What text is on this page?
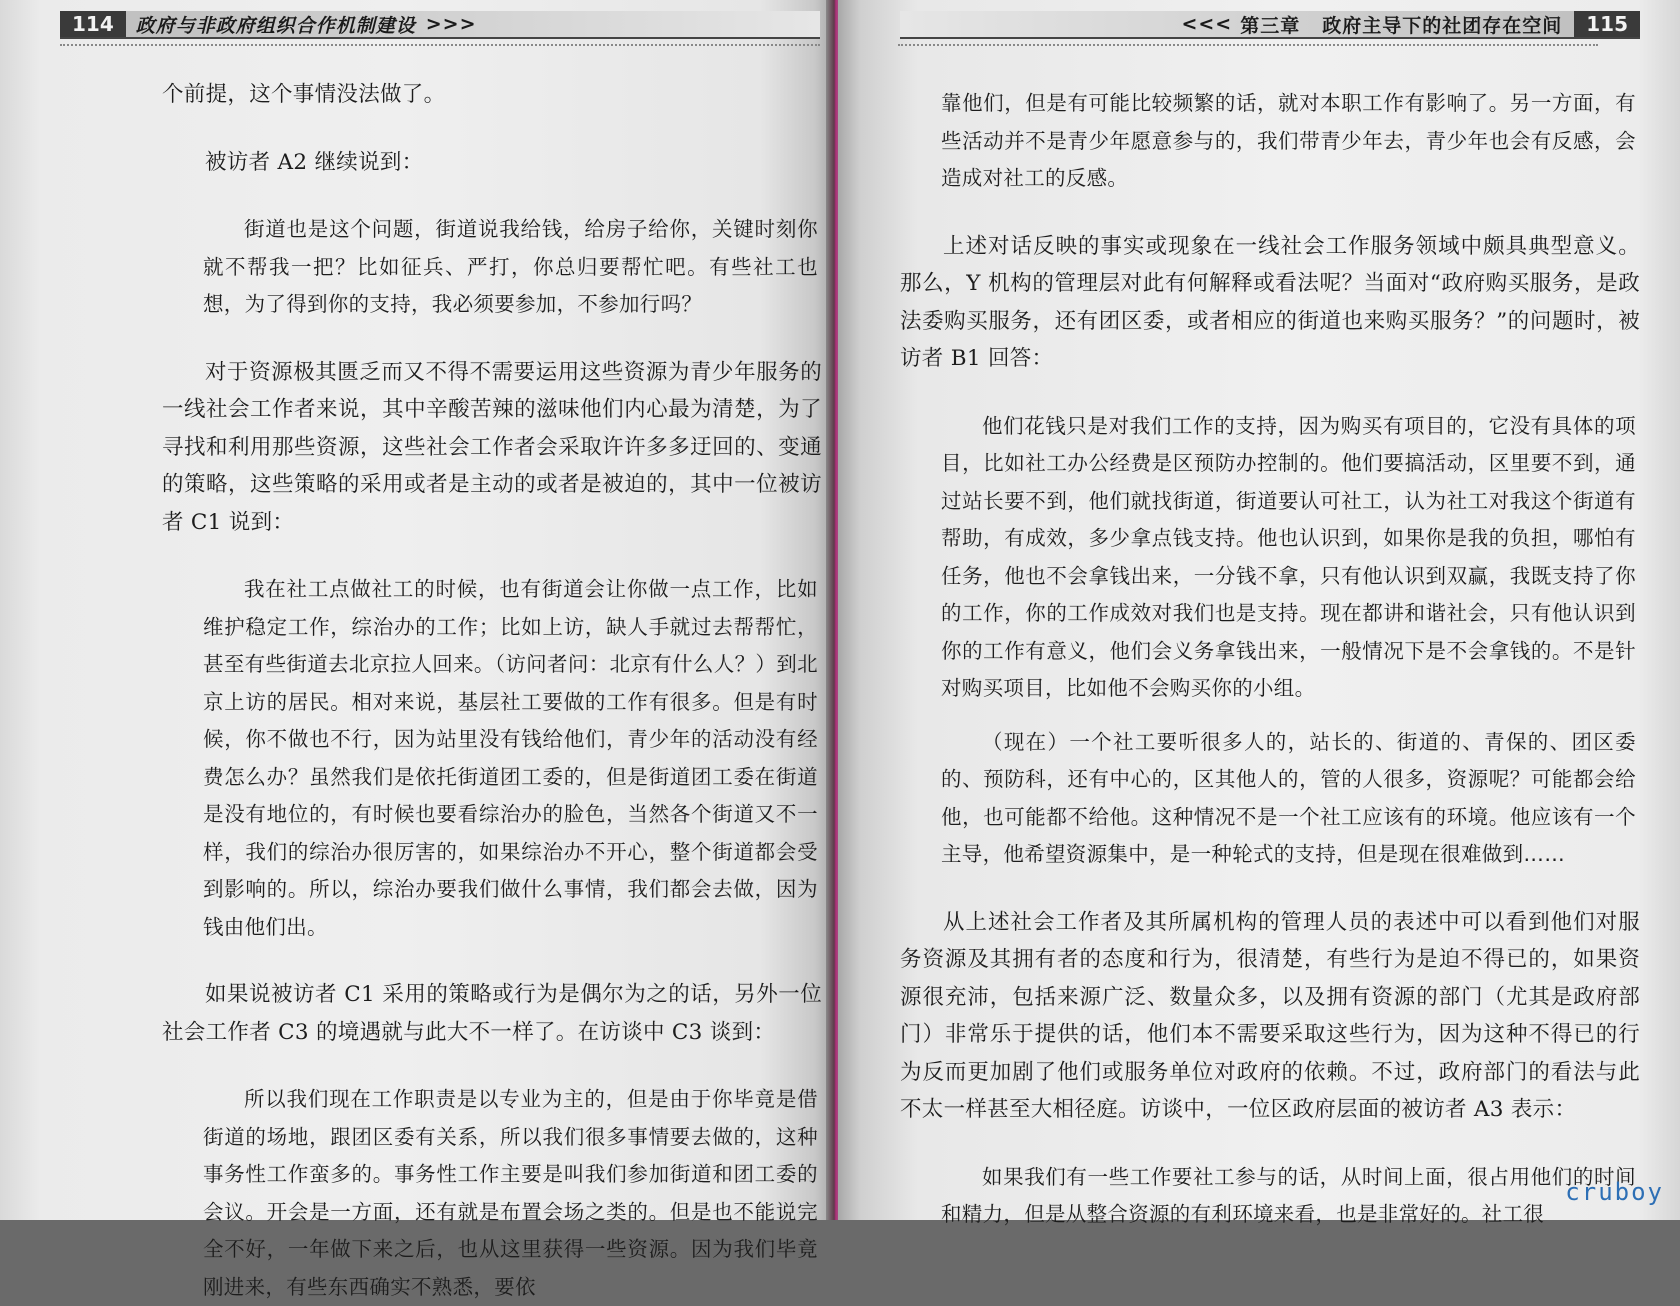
114	政府与非政府组织合作机制建设 >>>

个前提，这个事情没法做了。

被访者 A2 继续说到：

街道也是这个问题，街道说我给钱，给房子给你，关键时刻你就不帮我一把？比如征兵、严打，你总归要帮忙吧。有些社工也想，为了得到你的支持，我必须要参加，不参加行吗？

对于资源极其匮乏而又不得不需要运用这些资源为青少年服务的一线社会工作者来说，其中辛酸苦辣的滋味他们内心最为清楚，为了寻找和利用那些资源，这些社会工作者会采取许许多多迂回的、变通的策略，这些策略的采用或者是主动的或者是被迫的，其中一位被访者 C1 说到：

我在社工点做社工的时候，也有街道会让你做一点工作，比如维护稳定工作，综治办的工作；比如上访，缺人手就过去帮帮忙，甚至有些街道去北京拉人回来。（访问者问：北京有什么人？）到北京上访的居民。相对来说，基层社工要做的工作有很多。但是有时候，你不做也不行，因为站里没有钱给他们，青少年的活动没有经费怎么办？虽然我们是依托街道团工委的，但是街道团工委在街道是没有地位的，有时候也要看综治办的脸色，当然各个街道又不一样，我们的综治办很厉害的，如果综治办不开心，整个街道都会受到影响的。所以，综治办要我们做什么事情，我们都会去做，因为钱由他们出。

如果说被访者 C1 采用的策略或行为是偶尔为之的话，另外一位社会工作者 C3 的境遇就与此大不一样了。在访谈中 C3 谈到：

所以我们现在工作职责是以专业为主的，但是由于你毕竟是借街道的场地，跟团区委有关系，所以我们很多事情要去做的，这种事务性工作蛮多的。事务性工作主要是叫我们参加街道和团工委的会议。开会是一方面，还有就是布置会场之类的。但是也不能说完全不好，一年做下来之后，也从这里获得一些资源。因为我们毕竟刚进来，有些东西确实不熟悉，要依

<<< 第三章	政府主导下的社团存在空间	115

靠他们，但是有可能比较频繁的话，就对本职工作有影响了。另一方面，有些活动并不是青少年愿意参与的，我们带青少年去，青少年也会有反感，会造成对社工的反感。

上述对话反映的事实或现象在一线社会工作服务领域中颇具典型意义。那么，Y 机构的管理层对此有何解释或看法呢？当面对“政府购买服务，是政法委购买服务，还有团区委，或者相应的街道也来购买服务？”的问题时，被访者 B1 回答：

他们花钱只是对我们工作的支持，因为购买有项目的，它没有具体的项目，比如社工办公经费是区预防办控制的。他们要搞活动，区里要不到，通过站长要不到，他们就找街道，街道要认可社工，认为社工对我这个街道有帮助，有成效，多少拿点钱支持。他也认识到，如果你是我的负担，哪怕有任务，他也不会拿钱出来，一分钱不拿，只有他认识到双赢，我既支持了你的工作，你的工作成效对我们也是支持。现在都讲和谐社会，只有他认识到你的工作有意义，他们会义务拿钱出来，一般情况下是不会拿钱的。不是针对购买项目，比如他不会购买你的小组。

（现在）一个社工要听很多人的，站长的、街道的、青保的、团区委的、预防科，还有中心的，区其他人的，管的人很多，资源呢？可能都会给他，也可能都不给他。这种情况不是一个社工应该有的环境。他应该有一个主导，他希望资源集中，是一种轮式的支持，但是现在很难做到……

从上述社会工作者及其所属机构的管理人员的表述中可以看到他们对服务资源及其拥有者的态度和行为，很清楚，有些行为是迫不得已的，如果资源很充沛，包括来源广泛、数量众多，以及拥有资源的部门（尤其是政府部门）非常乐于提供的话，他们本不需要采取这些行为，因为这种不得已的行为反而更加剧了他们或服务单位对政府的依赖。不过，政府部门的看法与此不太一样甚至大相径庭。访谈中，一位区政府层面的被访者 A3 表示：

如果我们有一些工作要社工参与的话，从时间上面，很占用他们的时间和精力，但是从整合资源的有利环境来看，也是非常好的。社工很

cruboy
